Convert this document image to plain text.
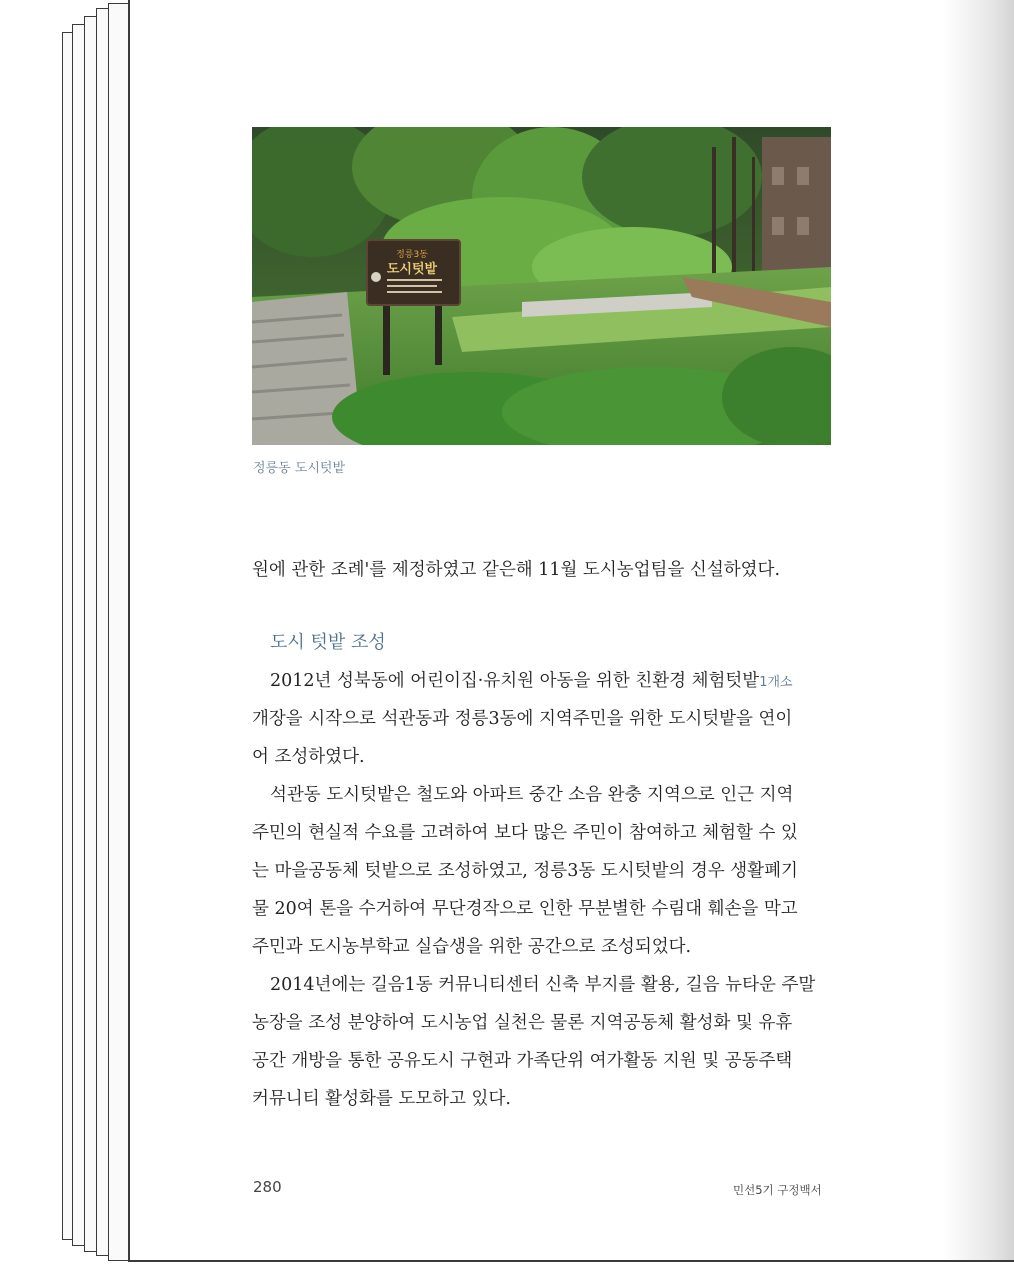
정릉3동
도시텃밭
정릉동 도시텃밭
원에 관한 조례'를 제정하였고 같은해 11월 도시농업팀을 신설하였다.
도시 텃밭 조성
2012년 성북동에 어린이집·유치원 아동을 위한 친환경 체험텃밭1개소
개장을 시작으로 석관동과 정릉3동에 지역주민을 위한 도시텃밭을 연이
어 조성하였다.
석관동 도시텃밭은 철도와 아파트 중간 소음 완충 지역으로 인근 지역
주민의 현실적 수요를 고려하여 보다 많은 주민이 참여하고 체험할 수 있
는 마을공동체 텃밭으로 조성하였고, 정릉3동 도시텃밭의 경우 생활폐기
물 20여 톤을 수거하여 무단경작으로 인한 무분별한 수림대 훼손을 막고
주민과 도시농부학교 실습생을 위한 공간으로 조성되었다.
2014년에는 길음1동 커뮤니티센터 신축 부지를 활용, 길음 뉴타운 주말
농장을 조성 분양하여 도시농업 실천은 물론 지역공동체 활성화 및 유휴
공간 개방을 통한 공유도시 구현과 가족단위 여가활동 지원 및 공동주택
커뮤니티 활성화를 도모하고 있다.
280	민선5기 구정백서
